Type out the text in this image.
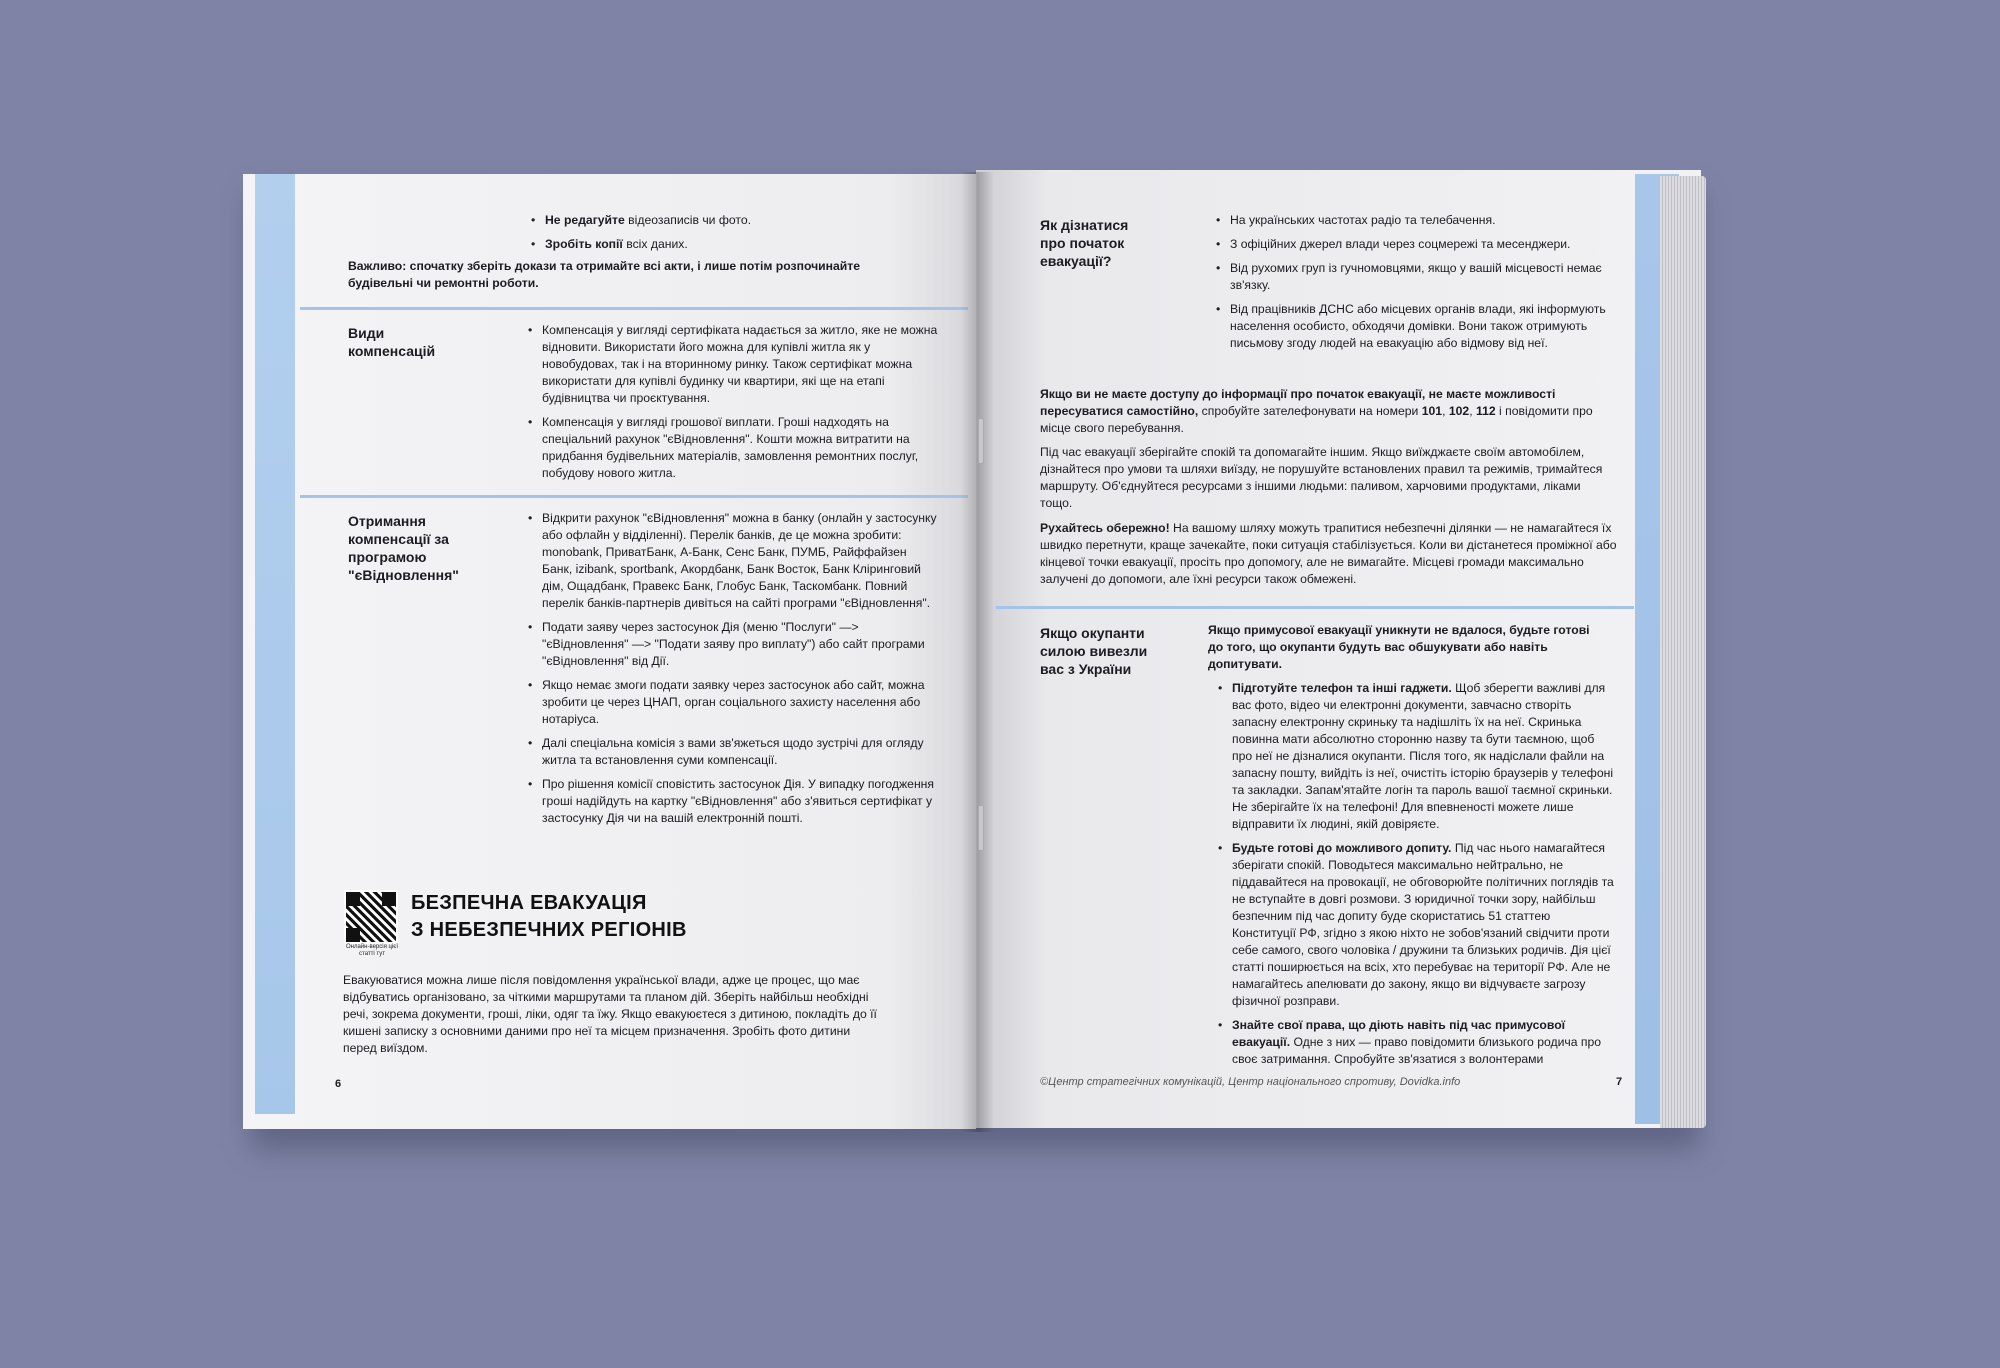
• Не редагуйте відеозаписів чи фото.
• Зробіть копії всіх даних.
Важливо: спочатку зберіть докази та отримайте всі акти, і лише потім розпочинайте будівельні чи ремонтні роботи.
Види компенсацій
• Компенсація у вигляді сертифіката надається за житло, яке не можна відновити. Використати його можна для купівлі житла як у новобудовах, так і на вторинному ринку. Також сертифікат можна використати для купівлі будинку чи квартири, які ще на етапі будівництва чи проєктування.
• Компенсація у вигляді грошової виплати. Гроші надходять на спеціальний рахунок "єВідновлення". Кошти можна витратити на придбання будівельних матеріалів, замовлення ремонтних послуг, побудову нового житла.
Отримання компенсації за програмою "єВідновлення"
• Відкрити рахунок "єВідновлення" можна в банку (онлайн у застосунку або офлайн у відділенні). Перелік банків, де це можна зробити: monobank, ПриватБанк, А-Банк, Сенс Банк, ПУМБ, Райффайзен Банк, izibank, sportbank, Акордбанк, Банк Восток, Банк Кліринговий дім, Ощадбанк, Правекс Банк, Глобус Банк, Таскомбанк. Повний перелік банків-партнерів дивіться на сайті програми "єВідновлення".
• Подати заяву через застосунок Дія (меню "Послуги" —> "єВідновлення" —> "Подати заяву про виплату") або сайт програми "єВідновлення" від Дії.
• Якщо немає змоги подати заявку через застосунок або сайт, можна зробити це через ЦНАП, орган соціального захисту населення або нотаріуса.
• Далі спеціальна комісія з вами зв'яжеться щодо зустрічі для огляду житла та встановлення суми компенсації.
• Про рішення комісії сповістить застосунок Дія. У випадку погодження гроші надійдуть на картку "єВідновлення" або з'явиться сертифікат у застосунку Дія чи на вашій електронній пошті.
Онлайн-версія цієї статті тут
БЕЗПЕЧНА ЕВАКУАЦІЯ
З НЕБЕЗПЕЧНИХ РЕГІОНІВ
Евакуюватися можна лише після повідомлення української влади, адже це процес, що має відбуватись організовано, за чіткими маршрутами та планом дій. Зберіть найбільш необхідні речі, зокрема документи, гроші, ліки, одяг та їжу. Якщо евакуюєтеся з дитиною, покладіть до її кишені записку з основними даними про неї та місцем призначення. Зробіть фото дитини перед виїздом.
6
Як дізнатися про початок евакуації?
• На українських частотах радіо та телебачення.
• З офіційних джерел влади через соцмережі та месенджери.
• Від рухомих груп із гучномовцями, якщо у вашій місцевості немає зв'язку.
• Від працівників ДСНС або місцевих органів влади, які інформують населення особисто, обходячи домівки. Вони також отримують письмову згоду людей на евакуацію або відмову від неї.
Якщо ви не маєте доступу до інформації про початок евакуації, не маєте можливості пересуватися самостійно, спробуйте зателефонувати на номери 101, 102, 112 і повідомити про місце свого перебування.
Під час евакуації зберігайте спокій та допомагайте іншим. Якщо виїжджаєте своїм автомобілем, дізнайтеся про умови та шляхи виїзду, не порушуйте встановлених правил та режимів, тримайтеся маршруту. Об'єднуйтеся ресурсами з іншими людьми: паливом, харчовими продуктами, ліками тощо.
Рухайтесь обережно! На вашому шляху можуть трапитися небезпечні ділянки — не намагайтеся їх швидко перетнути, краще зачекайте, поки ситуація стабілізується. Коли ви дістанетеся проміжної або кінцевої точки евакуації, просіть про допомогу, але не вимагайте. Місцеві громади максимально залучені до допомоги, але їхні ресурси також обмежені.
Якщо окупанти силою вивезли вас з України
Якщо примусової евакуації уникнути не вдалося, будьте готові до того, що окупанти будуть вас обшукувати або навіть допитувати.
• Підготуйте телефон та інші гаджети. Щоб зберегти важливі для вас фото, відео чи електронні документи, завчасно створіть запасну електронну скриньку та надішліть їх на неї. Скринька повинна мати абсолютно сторонню назву та бути таємною, щоб про неї не дізналися окупанти. Після того, як надіслали файли на запасну пошту, вийдіть із неї, очистіть історію браузерів у телефоні та закладки. Запам'ятайте логін та пароль вашої таємної скриньки. Не зберігайте їх на телефоні! Для впевненості можете лише відправити їх людині, якій довіряєте.
• Будьте готові до можливого допиту. Під час нього намагайтеся зберігати спокій. Поводьтеся максимально нейтрально, не піддавайтеся на провокації, не обговорюйте політичних поглядів та не вступайте в довгі розмови. З юридичної точки зору, найбільш безпечним під час допиту буде скористатись 51 статтею Конституції РФ, згідно з якою ніхто не зобов'язаний свідчити проти себе самого, свого чоловіка / дружини та близьких родичів. Дія цієї статті поширюється на всіх, хто перебуває на території РФ. Але не намагайтесь апелювати до закону, якщо ви відчуваєте загрозу фізичної розправи.
• Знайте свої права, що діють навіть під час примусової евакуації. Одне з них — право повідомити близького родича про своє затримання. Спробуйте зв'язатися з волонтерами
©Центр стратегічних комунікацій, Центр національного спротиву, Dovidka.info	7
